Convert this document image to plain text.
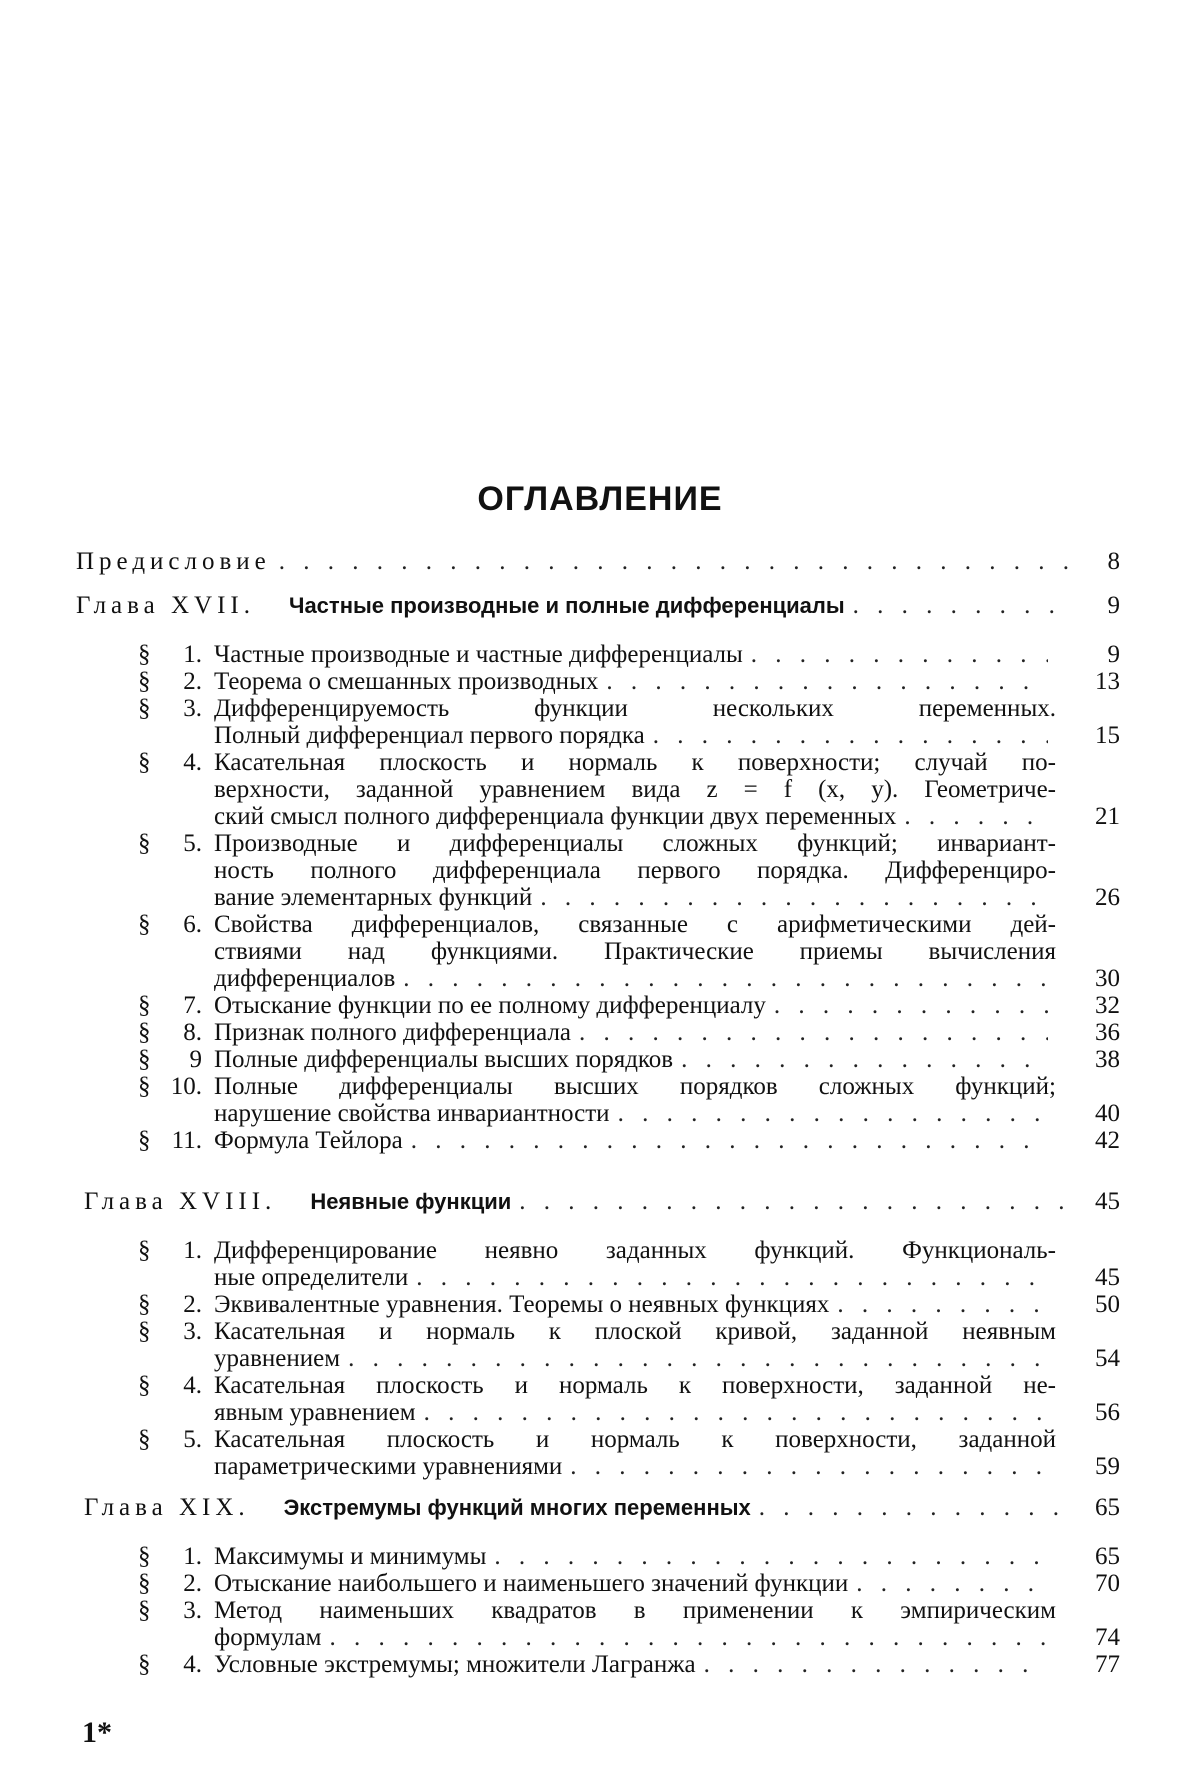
ОГЛАВЛЕНИЕ
Предисловие . . .	8
Глава XVII. Частные производные и полные дифференциалы . . .	9
§	1. Частные производные и частные дифференциалы . . .	9
§	2. Теорема о смешанных производных . . .	13
§	3. Дифференцируемость функции нескольких переменных.
Полный дифференциал первого порядка . . .	15
§	4. Касательная плоскость и нормаль к поверхности; случай по-
верхности, заданной уравнением вида z = f (x, y). Геометриче-
ский смысл полного дифференциала функции двух переменных . . .	21
§	5. Производные и дифференциалы сложных функций; инвариант-
ность полного дифференциала первого порядка. Дифференциро-
вание элементарных функций . . .	26
§	6. Свойства дифференциалов, связанные с арифметическими дей-
ствиями над функциями. Практические приемы вычисления
дифференциалов . . .	30
§	7. Отыскание функции по ее полному дифференциалу . . .	32
§	8. Признак полного дифференциала . . .	36
§	9 Полные дифференциалы высших порядков . . .	38
§ 10. Полные дифференциалы высших порядков сложных функций;
нарушение свойства инвариантности . . .	40
§ 11. Формула Тейлора . . .	42
Глава XVIII. Неявные функции . . .	45
§	1. Дифференцирование неявно заданных функций. Функциональ-
ные определители . . .	45
§	2. Эквивалентные уравнения. Теоремы о неявных функциях . . .	50
§	3. Касательная и нормаль к плоской кривой, заданной неявным
уравнением . . .	54
§	4. Касательная плоскость и нормаль к поверхности, заданной не-
явным уравнением . . .	56
§	5. Касательная плоскость и нормаль к поверхности, заданной
параметрическими уравнениями . . .	59
Глава XIX. Экстремумы функций многих переменных . . .	65
§	1. Максимумы и минимумы . . .	65
§	2. Отыскание наибольшего и наименьшего значений функции . . .	70
§	3. Метод наименьших квадратов в применении к эмпирическим
формулам . . .	74
§	4. Условные экстремумы; множители Лагранжа . . .	77
1*
